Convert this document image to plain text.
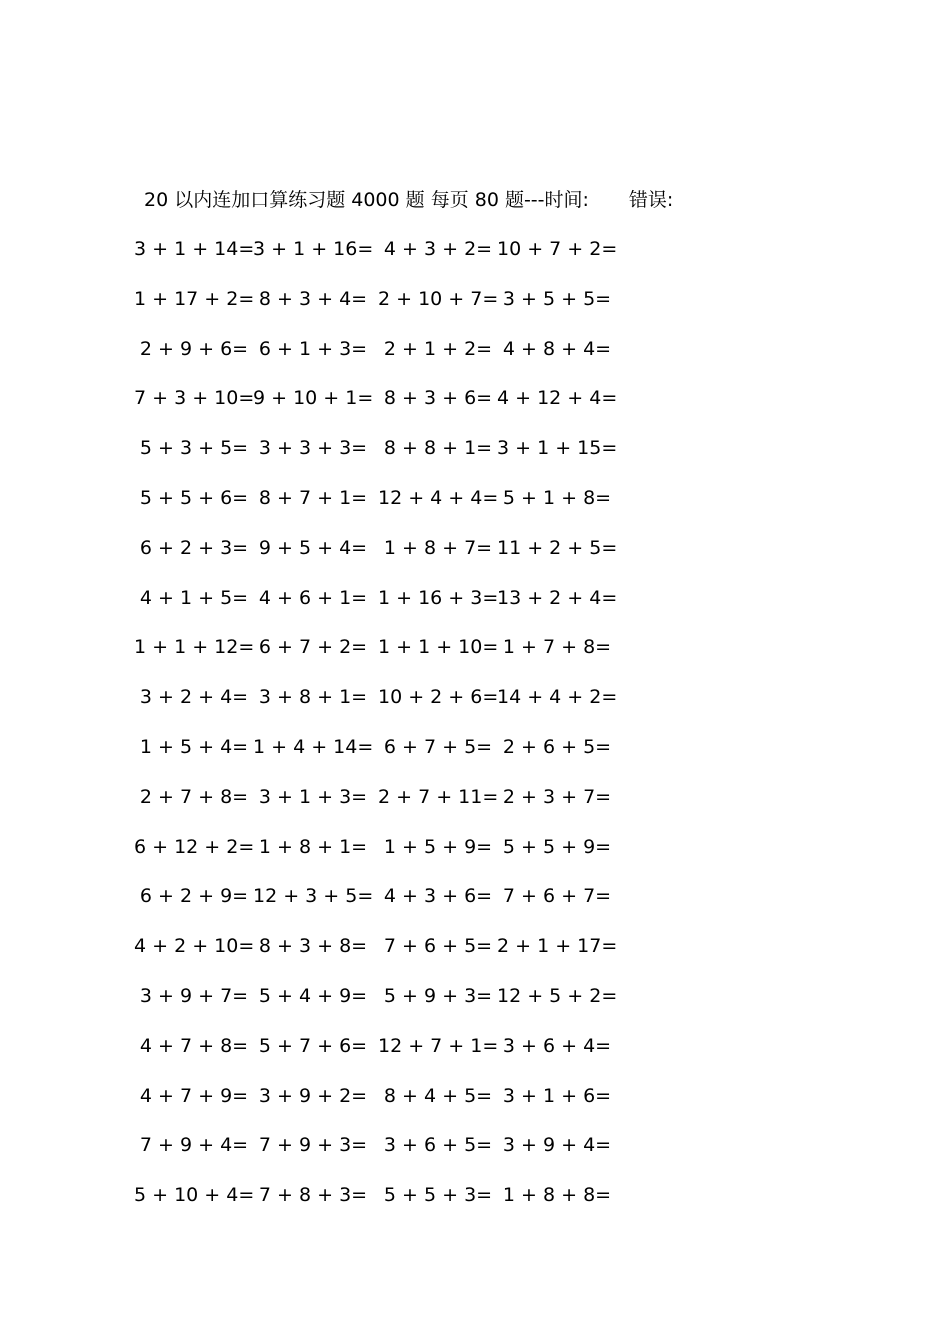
20 以内连加口算练习题 4000 题 每页 80 题---时间: 错误:
3 + 1 + 14=
3 + 1 + 16= 4 + 3 + 2= 10 + 7 + 2=
1 + 17 + 2= 8 + 3 + 4= 2 + 10 + 7= 3 + 5 + 5=
2 + 9 + 6= 6 + 1 + 3= 2 + 1 + 2= 4 + 8 + 4=
7 + 3 + 10=
9 + 10 + 1= 8 + 3 + 6= 4 + 12 + 4=
5 + 3 + 5= 3 + 3 + 3= 8 + 8 + 1= 3 + 1 + 15=
5 + 5 + 6= 8 + 7 + 1= 12 + 4 + 4= 5 + 1 + 8=
6 + 2 + 3= 9 + 5 + 4= 1 + 8 + 7= 11 + 2 + 5=
4 + 1 + 5= 4 + 6 + 1= 1 + 16 + 3=
13 + 2 + 4=
1 + 1 + 12= 6 + 7 + 2= 1 + 1 + 10= 1 + 7 + 8=
3 + 2 + 4= 3 + 8 + 1= 10 + 2 + 6=
14 + 4 + 2=
1 + 5 + 4= 1 + 4 + 14= 6 + 7 + 5= 2 + 6 + 5=
2 + 7 + 8= 3 + 1 + 3= 2 + 7 + 11= 2 + 3 + 7=
6 + 12 + 2= 1 + 8 + 1= 1 + 5 + 9= 5 + 5 + 9=
6 + 2 + 9= 12 + 3 + 5= 4 + 3 + 6= 7 + 6 + 7=
4 + 2 + 10= 8 + 3 + 8= 7 + 6 + 5= 2 + 1 + 17=
3 + 9 + 7= 5 + 4 + 9= 5 + 9 + 3= 12 + 5 + 2=
4 + 7 + 8= 5 + 7 + 6= 12 + 7 + 1= 3 + 6 + 4=
4 + 7 + 9= 3 + 9 + 2= 8 + 4 + 5= 3 + 1 + 6=
7 + 9 + 4= 7 + 9 + 3= 3 + 6 + 5= 3 + 9 + 4=
5 + 10 + 4= 7 + 8 + 3= 5 + 5 + 3= 1 + 8 + 8=
